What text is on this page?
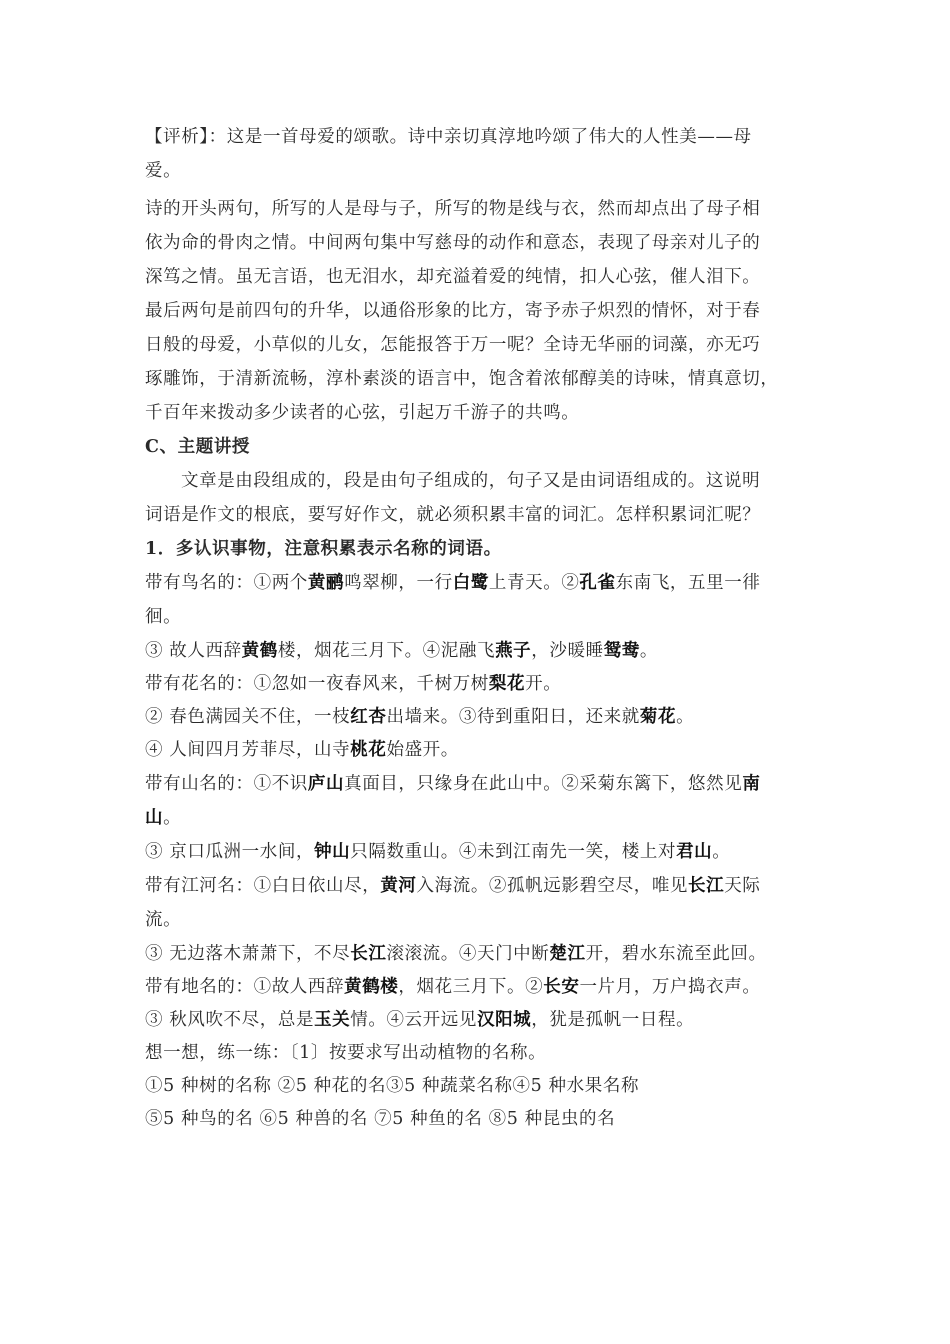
【评析】：这是一首母爱的颂歌。诗中亲切真淳地吟颂了伟大的人性美——母
爱。
诗的开头两句，所写的人是母与子，所写的物是线与衣，然而却点出了母子相
依为命的骨肉之情。中间两句集中写慈母的动作和意态，表现了母亲对儿子的
深笃之情。虽无言语，也无泪水，却充溢着爱的纯情，扣人心弦，催人泪下。
最后两句是前四句的升华，以通俗形象的比方，寄予赤子炽烈的情怀，对于春
日般的母爱，小草似的儿女，怎能报答于万一呢？全诗无华丽的词藻，亦无巧
琢雕饰，于清新流畅，淳朴素淡的语言中，饱含着浓郁醇美的诗味，情真意切，
千百年来拨动多少读者的心弦，引起万千游子的共鸣。
C、主题讲授
文章是由段组成的，段是由句子组成的，句子又是由词语组成的。这说明
词语是作文的根底，要写好作文，就必须积累丰富的词汇。怎样积累词汇呢？
1．多认识事物，注意积累表示名称的词语。
带有鸟名的：①两个黄鹂鸣翠柳，一行白鹭上青天。②孔雀东南飞，五里一徘
徊。
③ 故人西辞黄鹤楼，烟花三月下。④泥融飞燕子，沙暖睡鸳鸯。
带有花名的：①忽如一夜春风来，千树万树梨花开。
② 春色满园关不住，一枝红杏出墙来。③待到重阳日，还来就菊花。
④ 人间四月芳菲尽，山寺桃花始盛开。
带有山名的：①不识庐山真面目，只缘身在此山中。②采菊东篱下，悠然见南
山。
③ 京口瓜洲一水间，钟山只隔数重山。④未到江南先一笑，楼上对君山。
带有江河名：①白日依山尽，黄河入海流。②孤帆远影碧空尽，唯见长江天际
流。
③ 无边落木萧萧下，不尽长江滚滚流。④天门中断楚江开，碧水东流至此回。
带有地名的：①故人西辞黄鹤楼，烟花三月下。②长安一片月，万户捣衣声。
③ 秋风吹不尽，总是玉关情。④云开远见汉阳城，犹是孤帆一日程。
想一想，练一练：〔1〕按要求写出动植物的名称。
①5 种树的名称 ②5 种花的名③5 种蔬菜名称④5 种水果名称
⑤5 种鸟的名 ⑥5 种兽的名 ⑦5 种鱼的名 ⑧5 种昆虫的名
